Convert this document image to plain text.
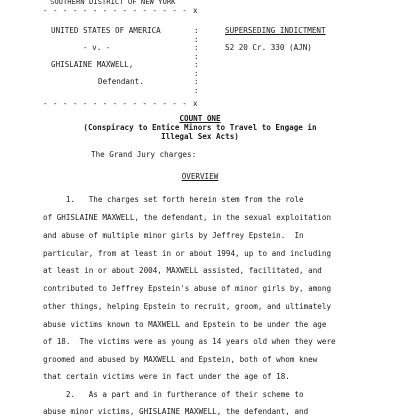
SOUTHERN DISTRICT OF NEW YORK
- - - - - - - - - - - - - - - x
:
:
:
:
:
:
:
:
UNITED STATES OF AMERICA
- v. -
GHISLAINE MAXWELL,
Defendant.
SUPERSEDING INDICTMENT
S2 20 Cr. 330 (AJN)
- - - - - - - - - - - - - - - x
COUNT ONE
(Conspiracy to Entice Minors to Travel to Engage in
Illegal Sex Acts)
The Grand Jury charges:
OVERVIEW
1.   The charges set forth herein stem from the role
of GHISLAINE MAXWELL, the defendant, in the sexual exploitation
and abuse of multiple minor girls by Jeffrey Epstein.  In
particular, from at least in or about 1994, up to and including
at least in or about 2004, MAXWELL assisted, facilitated, and
contributed to Jeffrey Epstein's abuse of minor girls by, among
other things, helping Epstein to recruit, groom, and ultimately
abuse victims known to MAXWELL and Epstein to be under the age
of 18.  The victims were as young as 14 years old when they were
groomed and abused by MAXWELL and Epstein, both of whom knew
that certain victims were in fact under the age of 18.
2.   As a part and in furtherance of their scheme to
abuse minor victims, GHISLAINE MAXWELL, the defendant, and
